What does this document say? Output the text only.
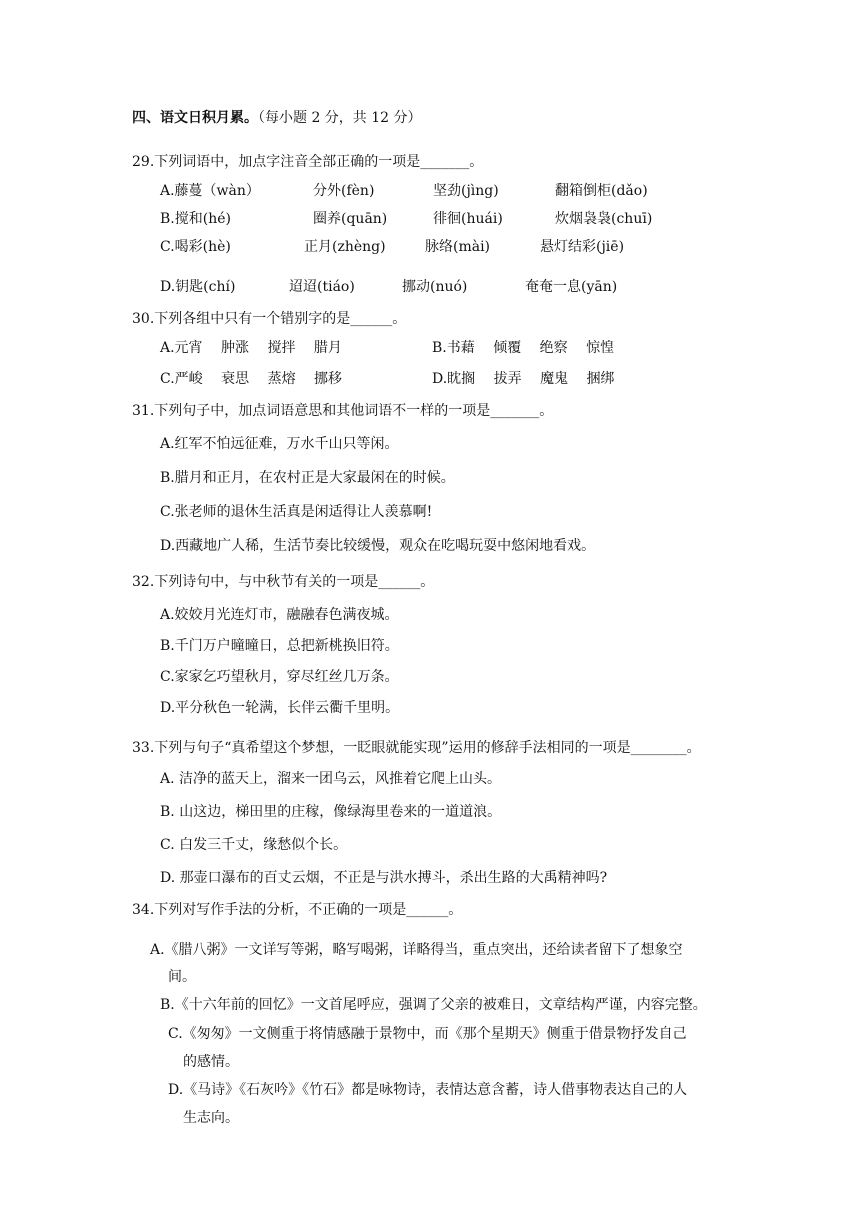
四、语文日积月累。（每小题 2 分，共 12 分）
29.下列词语中，加点字注音全部正确的一项是_______。
A.藤蔓（wàn）	分外(fèn)	坚劲(jìng)	翻箱倒柜(dǎo)
B.搅和(hé)	圈养(quān)	徘徊(huái)	炊烟袅袅(chuī)
C.喝彩(hè)	正月(zhèng)	脉络(mài)	悬灯结彩(jiē)
D.钥匙(chí)	迢迢(tiáo)	挪动(nuó)	奄奄一息(yān)
30.下列各组中只有一个错别字的是______。
A.元宵　 肿涨　 搅拌　 腊月	B.书藉　 倾覆　 绝察　 惊惶
C.严峻　 衰思　 蒸熔　 挪移	D.眈搁　 拔弄　 魔鬼　 捆绑
31.下列句子中，加点词语意思和其他词语不一样的一项是_______。
A.红军不怕远征难，万水千山只等闲。
B.腊月和正月，在农村正是大家最闲在的时候。
C.张老师的退休生活真是闲适得让人羡慕啊!
D.西藏地广人稀，生活节奏比较缓慢，观众在吃喝玩耍中悠闲地看戏。
32.下列诗句中，与中秋节有关的一项是______。
A.姣姣月光连灯市，融融春色满夜城。
B.千门万户曈曈日，总把新桃换旧符。
C.家家乞巧望秋月，穿尽红丝几万条。
D.平分秋色一轮满，长伴云衢千里明。
33.下列与句子“真希望这个梦想，一眨眼就能实现”运用的修辞手法相同的一项是________。
A. 洁净的蓝天上，溜来一团乌云，风推着它爬上山头。
B. 山这边，梯田里的庄稼，像绿海里卷来的一道道浪。
C. 白发三千丈，缘愁似个长。
D. 那壶口瀑布的百丈云烟，不正是与洪水搏斗，杀出生路的大禹精神吗?
34.下列对写作手法的分析，不正确的一项是______。
A.《腊八粥》一文详写等粥，略写喝粥，详略得当，重点突出，还给读者留下了想象空
间。
B.《十六年前的回忆》一文首尾呼应，强调了父亲的被难日，文章结构严谨，内容完整。
C.《匆匆》一文侧重于将情感融于景物中，而《那个星期天》侧重于借景物抒发自己
的感情。
D.《马诗》《石灰吟》《竹石》都是咏物诗，表情达意含蓄，诗人借事物表达自己的人
生志向。
